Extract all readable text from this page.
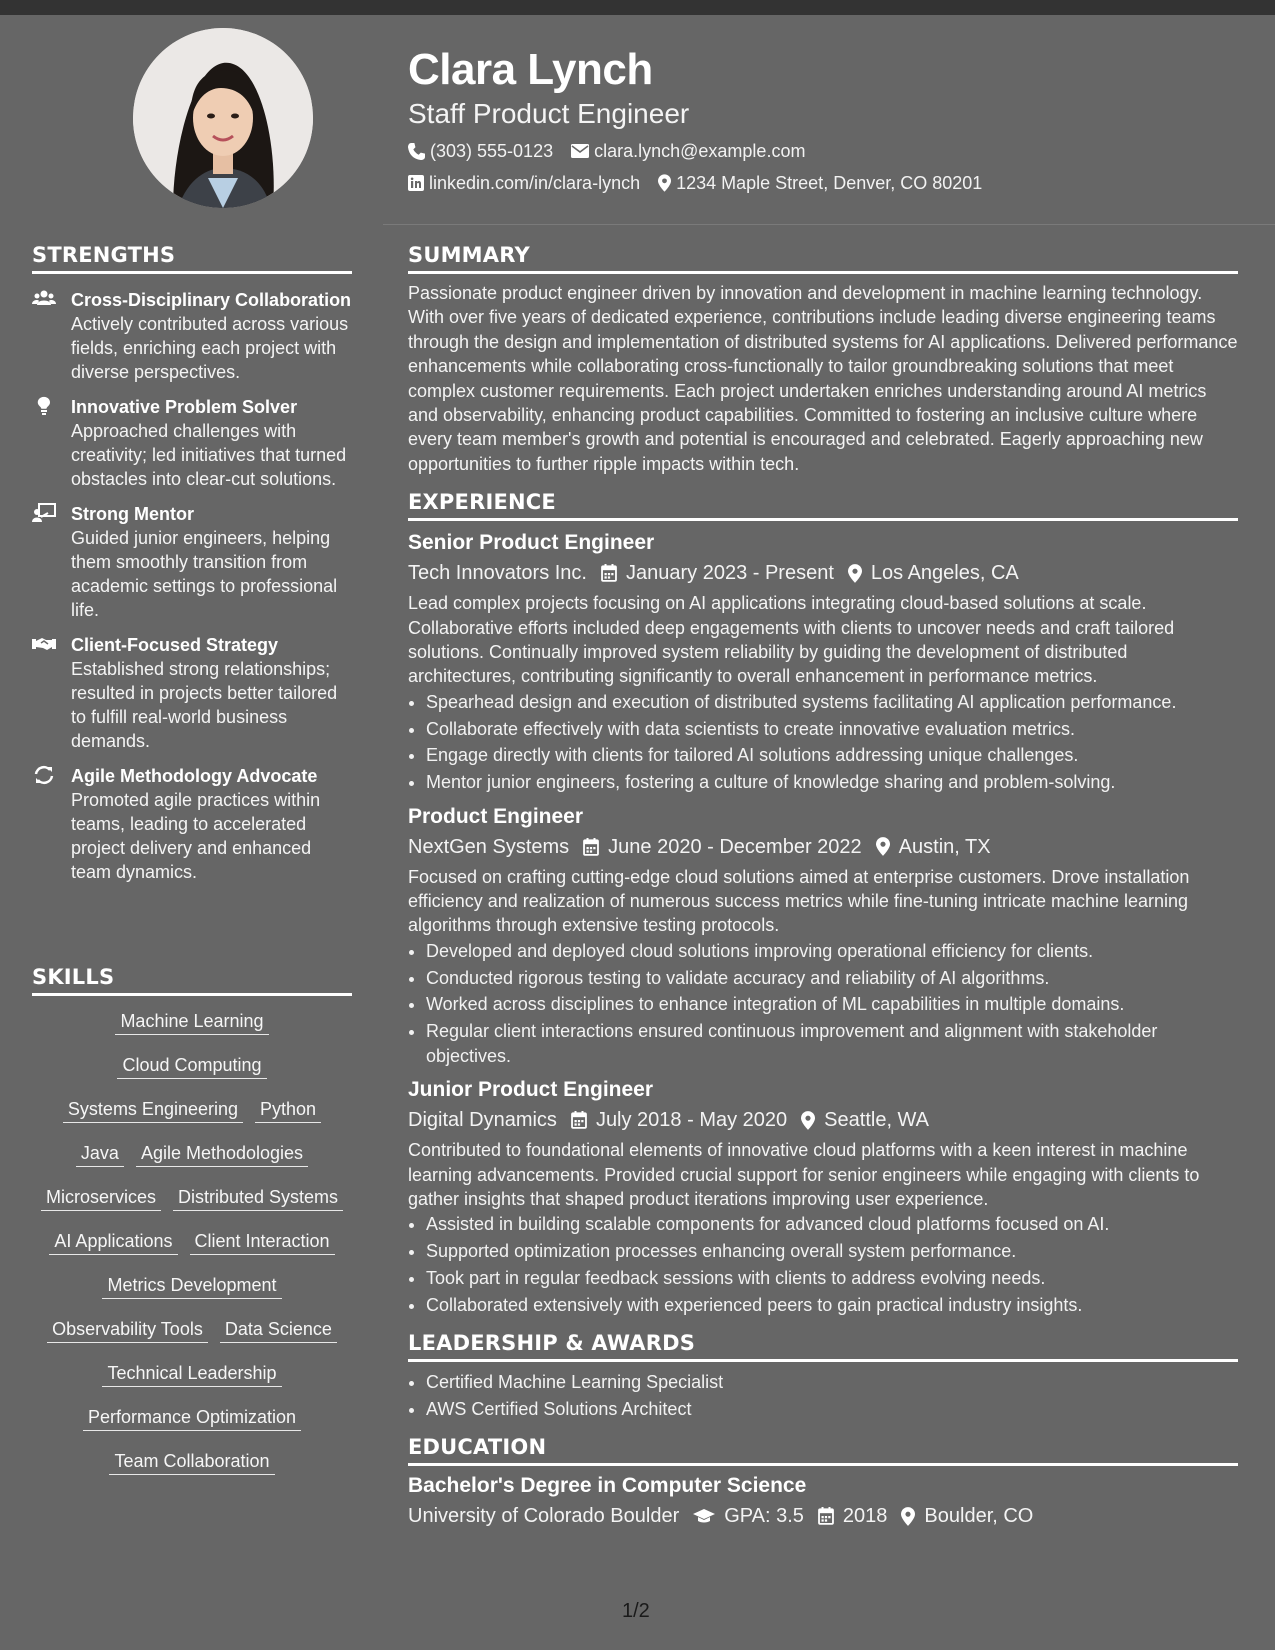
STRENGTHS
Cross-Disciplinary Collaboration
Actively contributed across various fields, enriching each project with diverse perspectives.
Innovative Problem Solver
Approached challenges with creativity; led initiatives that turned obstacles into clear-cut solutions.
Strong Mentor
Guided junior engineers, helping them smoothly transition from academic settings to professional life.
Client-Focused Strategy
Established strong relationships; resulted in projects better tailored to fulfill real-world business demands.
Agile Methodology Advocate
Promoted agile practices within teams, leading to accelerated project delivery and enhanced team dynamics.
SKILLS
Machine Learning
Cloud Computing
Systems Engineering Python
Java Agile Methodologies
Microservices Distributed Systems
AI Applications Client Interaction
Metrics Development
Observability Tools Data Science
Technical Leadership
Performance Optimization
Team Collaboration
Clara Lynch
Staff Product Engineer
(303) 555-0123 clara.lynch@example.com
linkedin.com/in/clara-lynch 1234 Maple Street, Denver, CO 80201
SUMMARY
Passionate product engineer driven by innovation and development in machine learning technology. With over five years of dedicated experience, contributions include leading diverse engineering teams through the design and implementation of distributed systems for AI applications. Delivered performance enhancements while collaborating cross-functionally to tailor groundbreaking solutions that meet complex customer requirements. Each project undertaken enriches understanding around AI metrics and observability, enhancing product capabilities. Committed to fostering an inclusive culture where every team member's growth and potential is encouraged and celebrated. Eagerly approaching new opportunities to further ripple impacts within tech.
EXPERIENCE
Senior Product Engineer
Tech Innovators Inc. January 2023 - Present Los Angeles, CA
Lead complex projects focusing on AI applications integrating cloud-based solutions at scale. Collaborative efforts included deep engagements with clients to uncover needs and craft tailored solutions. Continually improved system reliability by guiding the development of distributed architectures, contributing significantly to overall enhancement in performance metrics.
• Spearhead design and execution of distributed systems facilitating AI application performance.
• Collaborate effectively with data scientists to create innovative evaluation metrics.
• Engage directly with clients for tailored AI solutions addressing unique challenges.
• Mentor junior engineers, fostering a culture of knowledge sharing and problem-solving.
Product Engineer
NextGen Systems June 2020 - December 2022 Austin, TX
Focused on crafting cutting-edge cloud solutions aimed at enterprise customers. Drove installation efficiency and realization of numerous success metrics while fine-tuning intricate machine learning algorithms through extensive testing protocols.
• Developed and deployed cloud solutions improving operational efficiency for clients.
• Conducted rigorous testing to validate accuracy and reliability of AI algorithms.
• Worked across disciplines to enhance integration of ML capabilities in multiple domains.
• Regular client interactions ensured continuous improvement and alignment with stakeholder objectives.
Junior Product Engineer
Digital Dynamics July 2018 - May 2020 Seattle, WA
Contributed to foundational elements of innovative cloud platforms with a keen interest in machine learning advancements. Provided crucial support for senior engineers while engaging with clients to gather insights that shaped product iterations improving user experience.
• Assisted in building scalable components for advanced cloud platforms focused on AI.
• Supported optimization processes enhancing overall system performance.
• Took part in regular feedback sessions with clients to address evolving needs.
• Collaborated extensively with experienced peers to gain practical industry insights.
LEADERSHIP & AWARDS
• Certified Machine Learning Specialist
• AWS Certified Solutions Architect
EDUCATION
Bachelor's Degree in Computer Science
University of Colorado Boulder GPA: 3.5 2018 Boulder, CO
1/2
